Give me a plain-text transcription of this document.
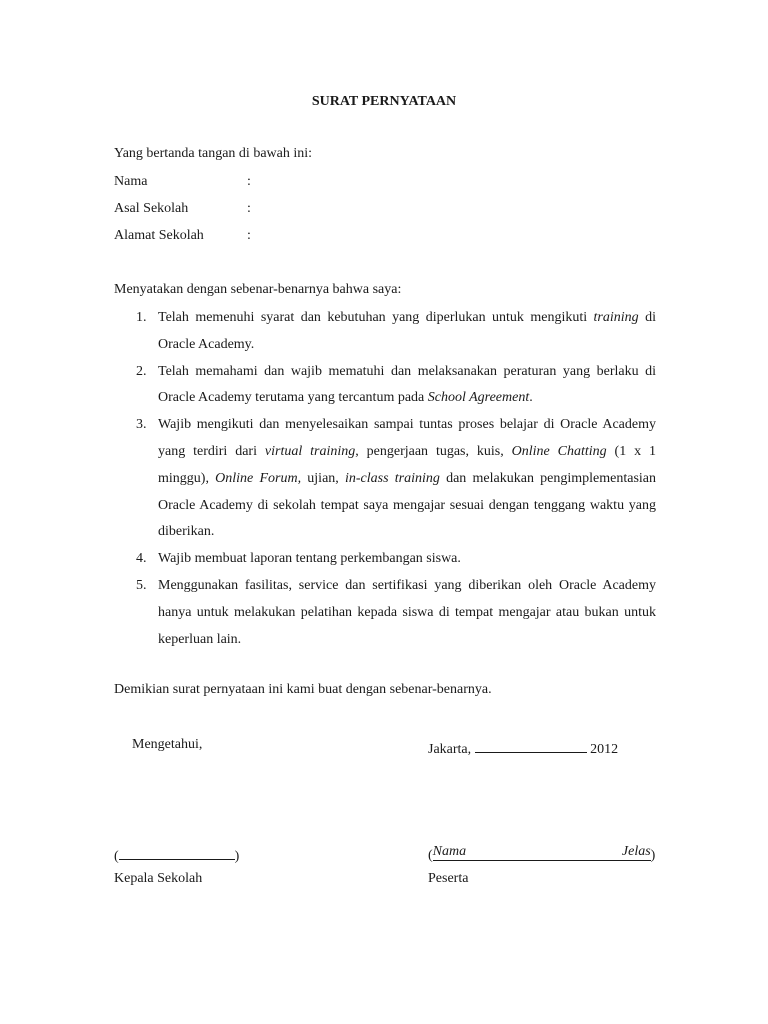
SURAT PERNYATAAN
Yang bertanda tangan di bawah ini:
Nama	:
Asal Sekolah	:
Alamat Sekolah	:
Menyatakan dengan sebenar-benarnya bahwa saya:
1. Telah memenuhi syarat dan kebutuhan yang diperlukan untuk mengikuti training di Oracle Academy.
2. Telah memahami dan wajib mematuhi dan melaksanakan peraturan yang berlaku di Oracle Academy terutama yang tercantum pada School Agreement.
3. Wajib mengikuti dan menyelesaikan sampai tuntas proses belajar di Oracle Academy yang terdiri dari virtual training, pengerjaan tugas, kuis, Online Chatting (1 x 1 minggu), Online Forum, ujian, in-class training dan melakukan pengimplementasian Oracle Academy di sekolah tempat saya mengajar sesuai dengan tenggang waktu yang diberikan.
4. Wajib membuat laporan tentang perkembangan siswa.
5. Menggunakan fasilitas, service dan sertifikasi yang diberikan oleh Oracle Academy hanya untuk melakukan pelatihan kepada siswa di tempat mengajar atau bukan untuk keperluan lain.
Demikian surat pernyataan ini kami buat dengan sebenar-benarnya.
Mengetahui,
(	)
Kepala Sekolah
Jakarta,	2012
( Nama	Jelas )
Peserta
